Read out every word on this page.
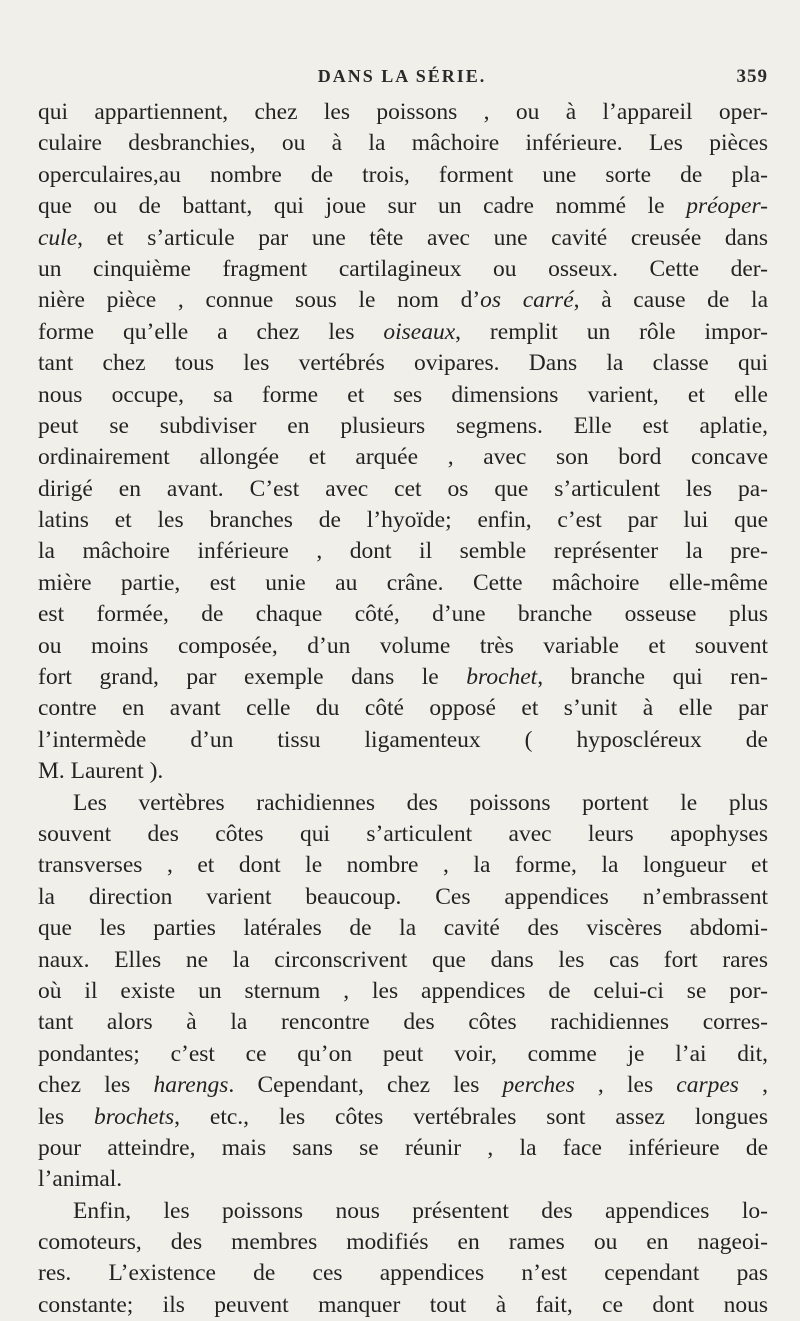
DANS LA SÉRIE.	359
qui appartiennent, chez les poissons , ou à l’appareil oper-
culaire desbranchies, ou à la mâchoire inférieure. Les pièces
operculaires,au nombre de trois, forment une sorte de pla-
que ou de battant, qui joue sur un cadre nommé le préoper-
cule, et s’articule par une tête avec une cavité creusée dans
un cinquième fragment cartilagineux ou osseux. Cette der-
nière pièce , connue sous le nom d’os carré, à cause de la
forme qu’elle a chez les oiseaux, remplit un rôle impor-
tant chez tous les vertébrés ovipares. Dans la classe qui
nous occupe, sa forme et ses dimensions varient, et elle
peut se subdiviser en plusieurs segmens. Elle est aplatie,
ordinairement allongée et arquée , avec son bord concave
dirigé en avant. C’est avec cet os que s’articulent les pa-
latins et les branches de l’hyoïde; enfin, c’est par lui que
la mâchoire inférieure , dont il semble représenter la pre-
mière partie, est unie au crâne. Cette mâchoire elle-même
est formée, de chaque côté, d’une branche osseuse plus
ou moins composée, d’un volume très variable et souvent
fort grand, par exemple dans le brochet, branche qui ren-
contre en avant celle du côté opposé et s’unit à elle par
l’intermède d’un tissu ligamenteux ( hyposcléreux de
M. Laurent ).
Les vertèbres rachidiennes des poissons portent le plus
souvent des côtes qui s’articulent avec leurs apophyses
transverses , et dont le nombre , la forme, la longueur et
la direction varient beaucoup. Ces appendices n’embrassent
que les parties latérales de la cavité des viscères abdomi-
naux. Elles ne la circonscrivent que dans les cas fort rares
où il existe un sternum , les appendices de celui-ci se por-
tant alors à la rencontre des côtes rachidiennes corres-
pondantes; c’est ce qu’on peut voir, comme je l’ai dit,
chez les harengs. Cependant, chez les perches , les carpes ,
les brochets, etc., les côtes vertébrales sont assez longues
pour atteindre, mais sans se réunir , la face inférieure de
l’animal.
Enfin, les poissons nous présentent des appendices lo-
comoteurs, des membres modifiés en rames ou en nageoi-
res. L’existence de ces appendices n’est cependant pas
constante; ils peuvent manquer tout à fait, ce dont nous
